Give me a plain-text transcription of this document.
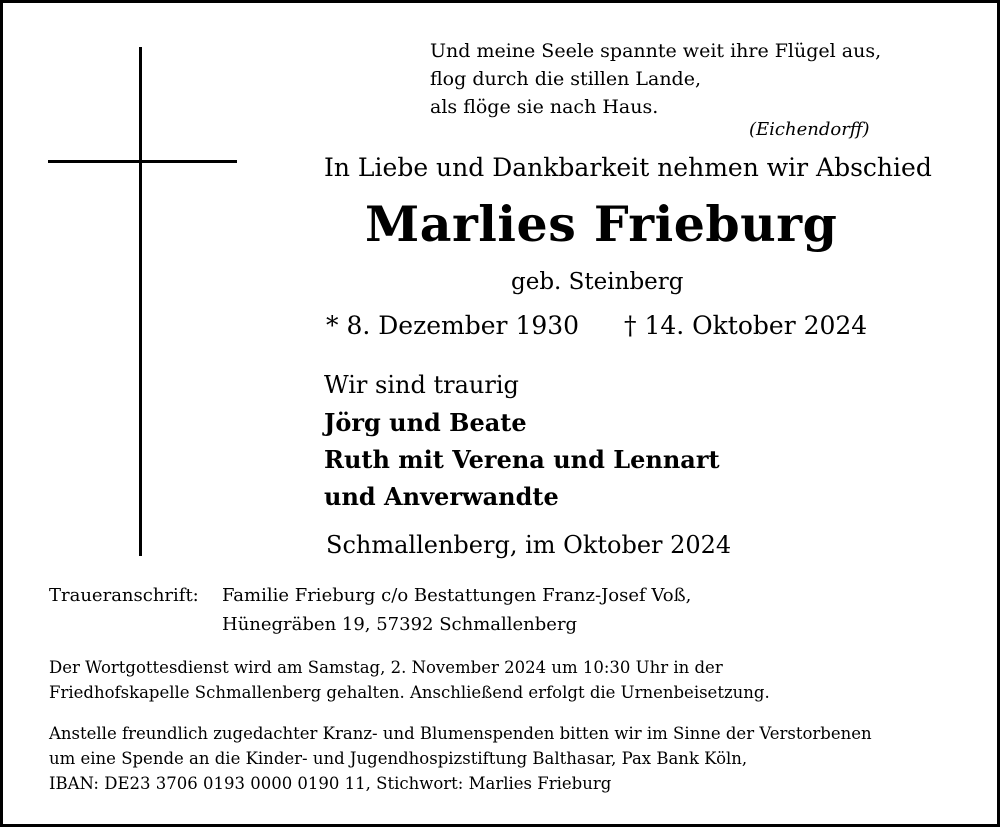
Und meine Seele spannte weit ihre Flügel aus,
flog durch die stillen Lande,
als flöge sie nach Haus.
(Eichendorff)
In Liebe und Dankbarkeit nehmen wir Abschied
Marlies Frieburg
geb. Steinberg
* 8. Dezember 1930 † 14. Oktober 2024
Wir sind traurig
Jörg und Beate
Ruth mit Verena und Lennart
und Anverwandte
Schmallenberg, im Oktober 2024
Traueranschrift: Familie Frieburg c/o Bestattungen Franz-Josef Voß,
Hünegräben 19, 57392 Schmallenberg
Der Wortgottesdienst wird am Samstag, 2. November 2024 um 10:30 Uhr in der
Friedhofskapelle Schmallenberg gehalten. Anschließend erfolgt die Urnenbeisetzung.
Anstelle freundlich zugedachter Kranz- und Blumenspenden bitten wir im Sinne der Verstorbenen
um eine Spende an die Kinder- und Jugendhospizstiftung Balthasar, Pax Bank Köln,
IBAN: DE23 3706 0193 0000 0190 11, Stichwort: Marlies Frieburg
